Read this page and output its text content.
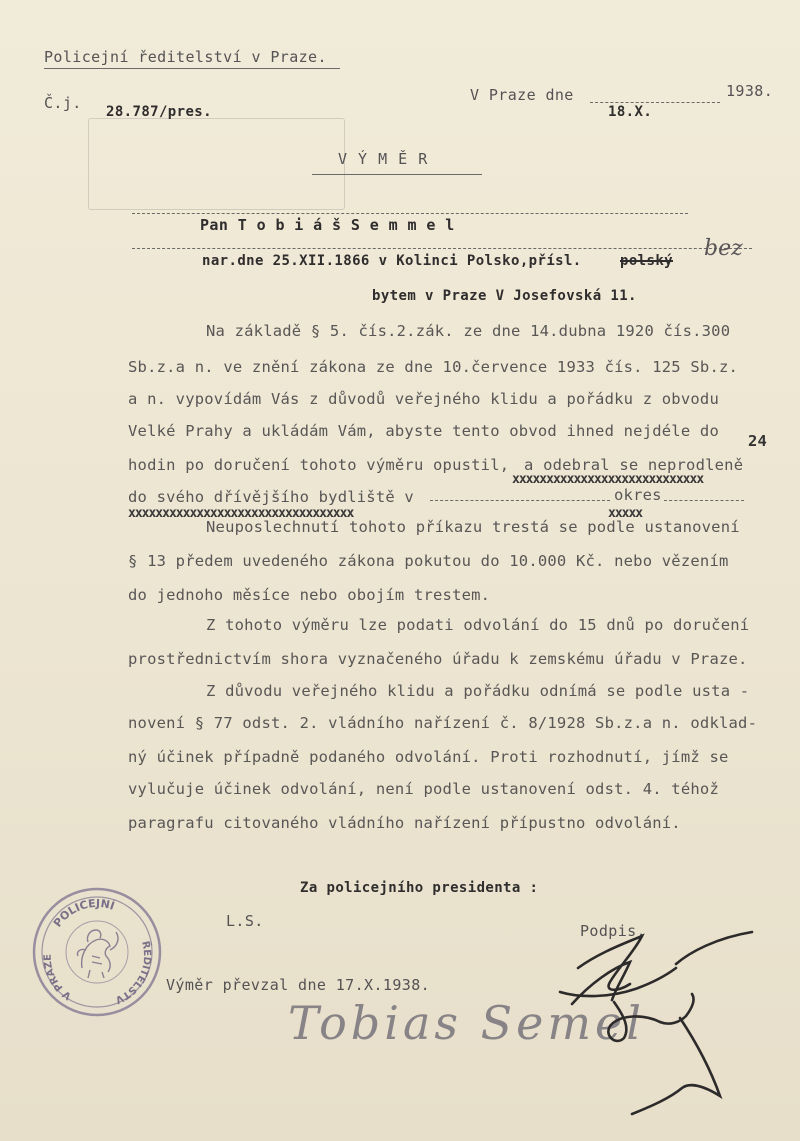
Policejní ředitelství v Praze.
Č.j. 28.787/pres.
V Praze dne	1938.
18.X.
V Ý M Ě R
Pan T o b i á š S e m m e l
nar.dne 25.XII.1866 v Kolinci Polsko,přísl.	polský bez
bytem v Praze V Josefovská 11.
Na základě § 5. čís.2.zák. ze dne 14.dubna 1920 čís.300
Sb.z.a n. ve znění zákona ze dne 10.července 1933 čís. 125 Sb.z.
a n. vypovídám Vás z důvodů veřejného klidu a pořádku z obvodu
Velké Prahy a ukládám Vám, abyste tento obvod ihned nejdéle do
24
hodin po doručení tohoto výměru opustil, a odebral se neprodleně
xxxxxxxxxxxxxxxxxxxxxxxxxxxx
do svého dřívějšího bydliště v	okres
xxxxxxxxxxxxxxxxxxxxxxxxxxxxxxxxx	xxxxx
Neuposlechnutí tohoto příkazu trestá se podle ustanovení
§ 13 předem uvedeného zákona pokutou do 10.000 Kč. nebo vězením
do jednoho měsíce nebo obojím trestem.
Z tohoto výměru lze podati odvolání do 15 dnů po doručení
prostřednictvím shora vyznačeného úřadu k zemskému úřadu v Praze.
Z důvodu veřejného klidu a pořádku odnímá se podle usta -
novení § 77 odst. 2. vládního nařízení č. 8/1928 Sb.z.a n. odklad-
ný účinek případně podaného odvolání. Proti rozhodnutí, jímž se
vylučuje účinek odvolání, není podle ustanovení odst. 4. téhož
paragrafu citovaného vládního nařízení přípustno odvolání.
Za policejního presidenta :
L.S.
Podpis.
POLICEJNÍ
V PRAZE
ŘEDITELSTV
Výměr převzal dne 17.X.1938.
Tobias Semel
